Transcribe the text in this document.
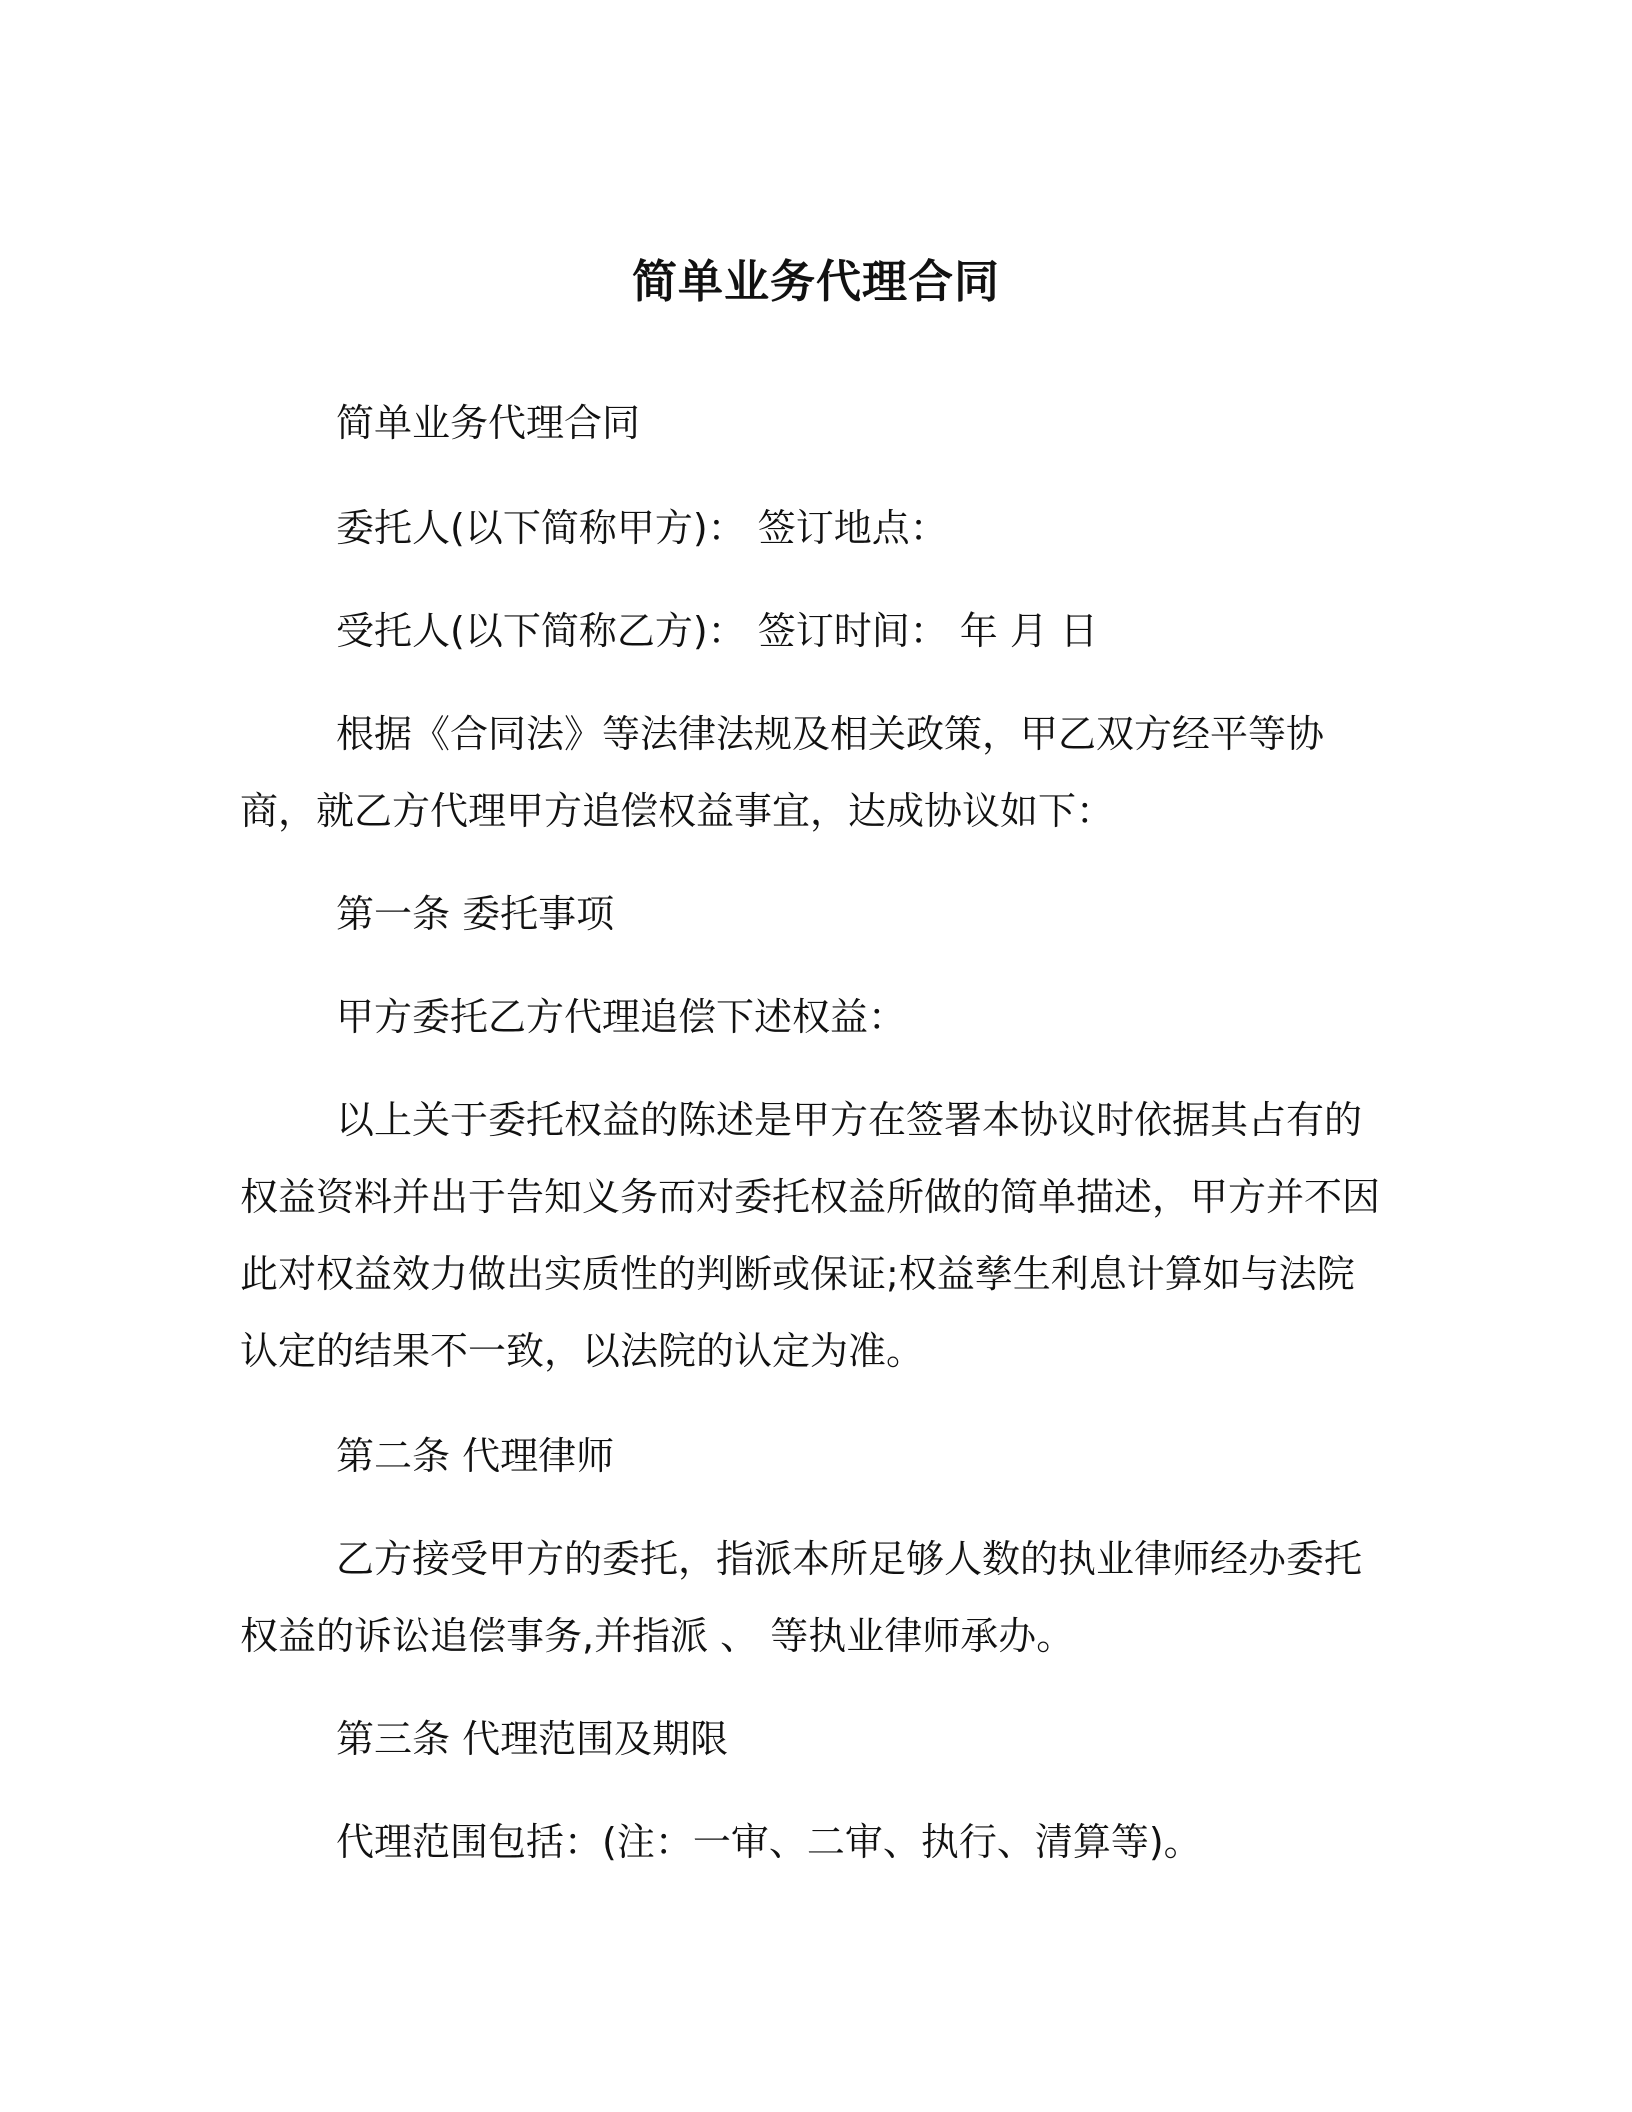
简单业务代理合同

简单业务代理合同

委托人(以下简称甲方)： 签订地点：

受托人(以下简称乙方)： 签订时间： 年 月 日

根据《合同法》等法律法规及相关政策，甲乙双方经平等协商，就乙方代理甲方追偿权益事宜，达成协议如下：

第一条 委托事项

甲方委托乙方代理追偿下述权益：

以上关于委托权益的陈述是甲方在签署本协议时依据其占有的权益资料并出于告知义务而对委托权益所做的简单描述，甲方并不因此对权益效力做出实质性的判断或保证;权益孳生利息计算如与法院认定的结果不一致，以法院的认定为准。

第二条 代理律师

乙方接受甲方的委托，指派本所足够人数的执业律师经办委托权益的诉讼追偿事务,并指派 、 等执业律师承办。

第三条 代理范围及期限

代理范围包括：(注：一审、二审、执行、清算等)。
